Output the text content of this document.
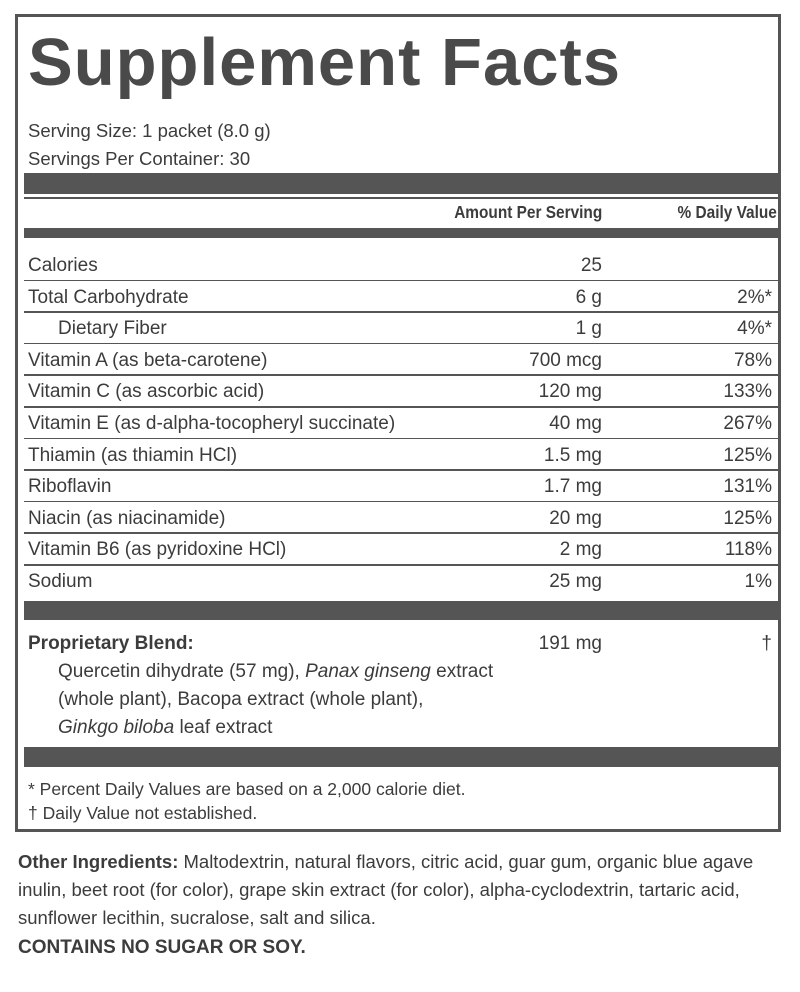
Supplement Facts
Serving Size: 1 packet (8.0 g)
Servings Per Container: 30
Amount Per Serving	% Daily Value
Calories	25
Total Carbohydrate	6 g	2%*
Dietary Fiber	1 g	4%*
Vitamin A (as beta-carotene)	700 mcg	78%
Vitamin C (as ascorbic acid)	120 mg	133%
Vitamin E (as d-alpha-tocopheryl succinate)	40 mg	267%
Thiamin (as thiamin HCl)	1.5 mg	125%
Riboflavin	1.7 mg	131%
Niacin (as niacinamide)	20 mg	125%
Vitamin B6 (as pyridoxine HCl)	2 mg	118%
Sodium	25 mg	1%
Proprietary Blend:	191 mg	†
Quercetin dihydrate (57 mg), Panax ginseng extract
(whole plant), Bacopa extract (whole plant),
Ginkgo biloba leaf extract
* Percent Daily Values are based on a 2,000 calorie diet.
† Daily Value not established.
Other Ingredients: Maltodextrin, natural flavors, citric acid, guar gum, organic blue agave inulin, beet root (for color), grape skin extract (for color), alpha-cyclodextrin, tartaric acid, sunflower lecithin, sucralose, salt and silica.
CONTAINS NO SUGAR OR SOY.
